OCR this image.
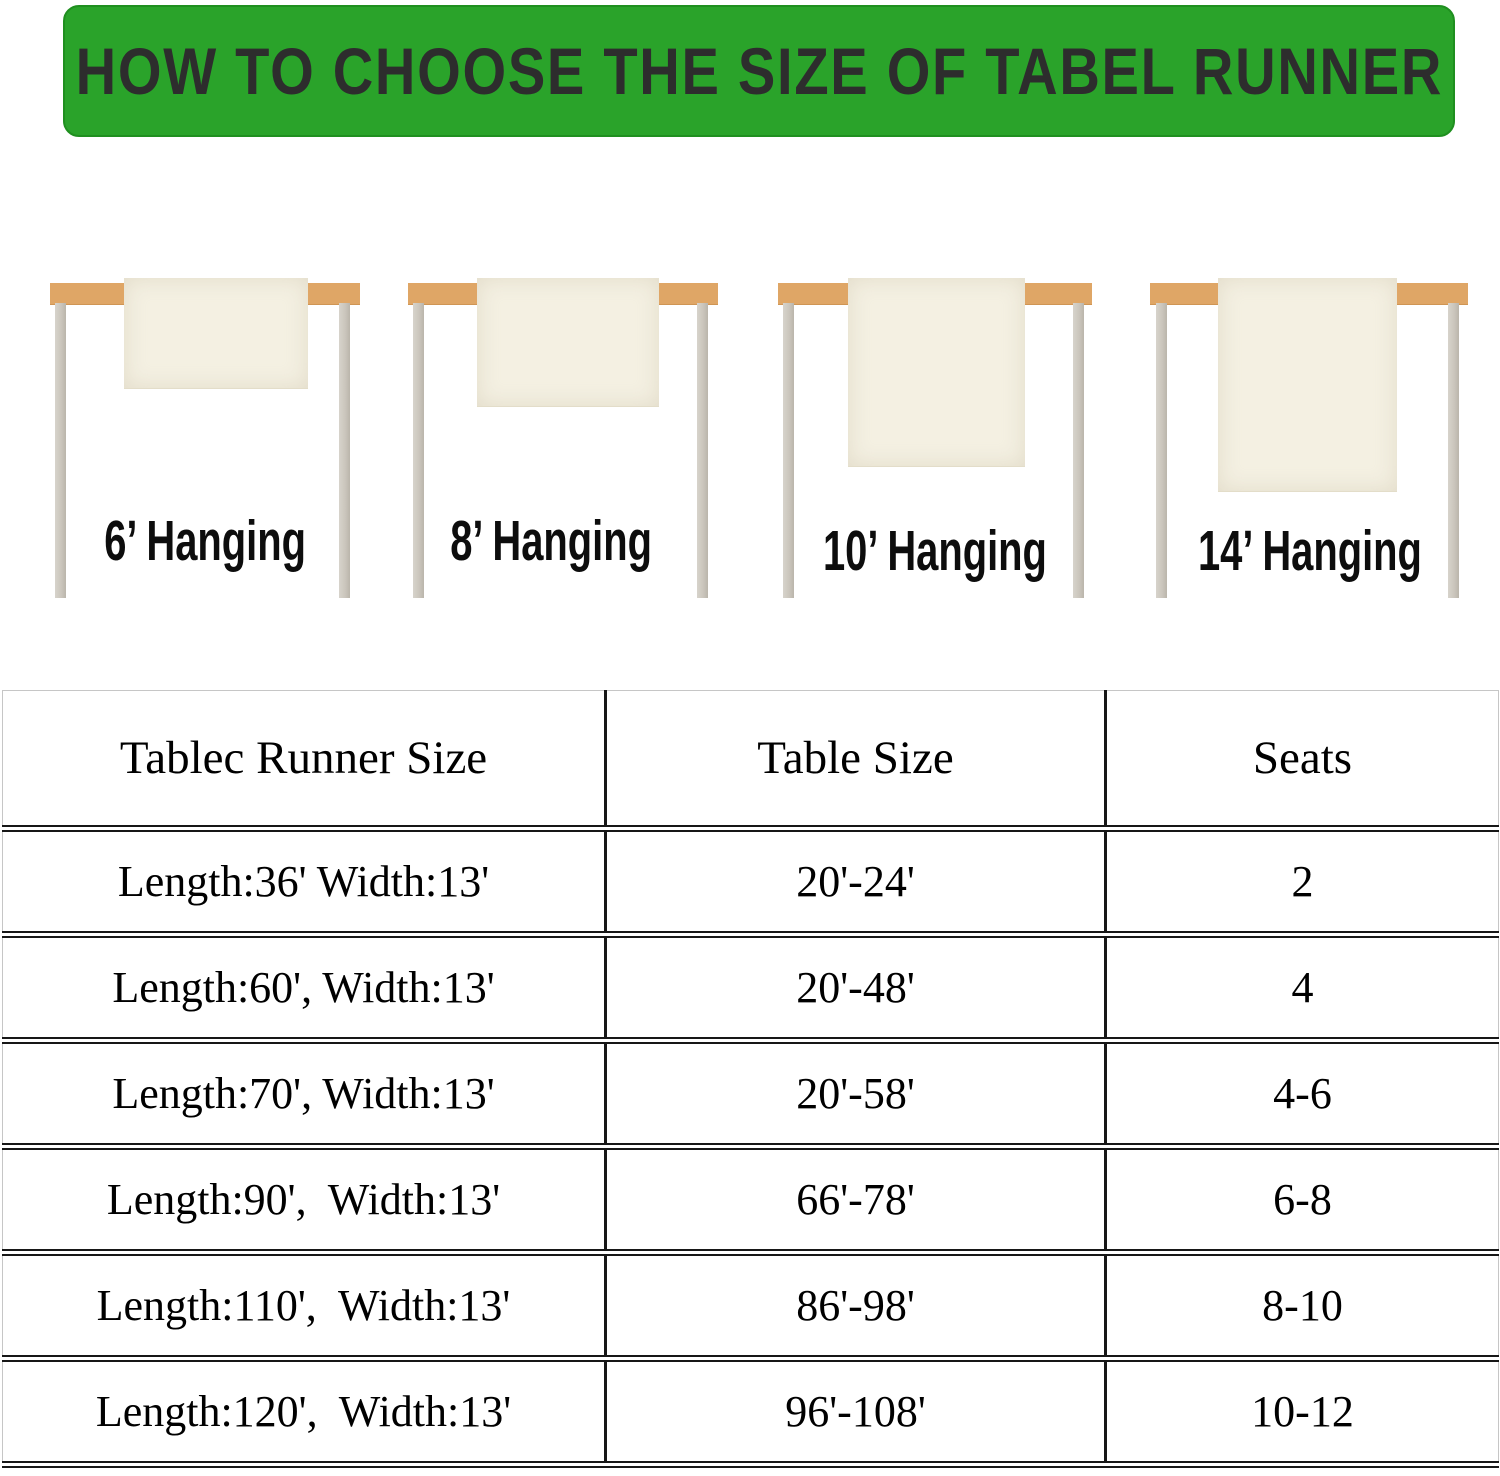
HOW TO CHOOSE THE SIZE OF TABEL RUNNER
6’ Hanging	8’ Hanging	10’ Hanging	14’ Hanging
Tablec Runner Size	Table Size	Seats
Length:36' Width:13'	20'-24'	2
Length:60', Width:13'	20'-48'	4
Length:70', Width:13'	20'-58'	4-6
Length:90',  Width:13'	66'-78'	6-8
Length:110',  Width:13'	86'-98'	8-10
Length:120',  Width:13'	96'-108'	10-12
